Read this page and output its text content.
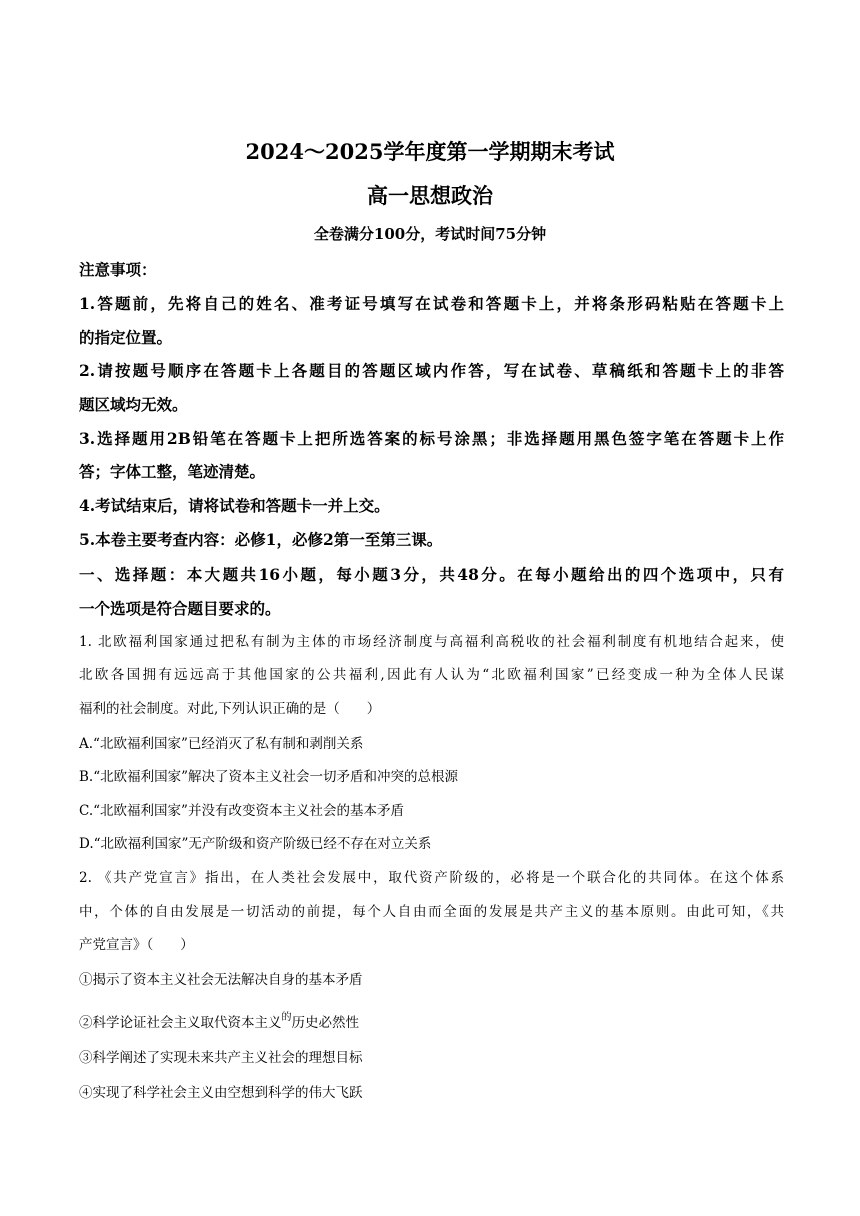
2024～2025学年度第一学期期末考试
高一思想政治
全卷满分100分，考试时间75分钟
注意事项：
1.答题前，先将自己的姓名、准考证号填写在试卷和答题卡上，并将条形码粘贴在答题卡上
的指定位置。
2.请按题号顺序在答题卡上各题目的答题区域内作答，写在试卷、草稿纸和答题卡上的非答
题区域均无效。
3.选择题用2B铅笔在答题卡上把所选答案的标号涂黑；非选择题用黑色签字笔在答题卡上作
答；字体工整，笔迹清楚。
4.考试结束后，请将试卷和答题卡一并上交。
5.本卷主要考查内容：必修1，必修2第一至第三课。
一、选择题：本大题共16小题，每小题3分，共48分。在每小题给出的四个选项中，只有
一个选项是符合题目要求的。
1. 北欧福利国家通过把私有制为主体的市场经济制度与高福利高税收的社会福利制度有机地结合起来，使
北欧各国拥有远远高于其他国家的公共福利,因此有人认为“北欧福利国家”已经变成一种为全体人民谋
福利的社会制度。对此,下列认识正确的是（　　）
A.“北欧福利国家”已经消灭了私有制和剥削关系
B.“北欧福利国家”解决了资本主义社会一切矛盾和冲突的总根源
C.“北欧福利国家”并没有改变资本主义社会的基本矛盾
D.“北欧福利国家”无产阶级和资产阶级已经不存在对立关系
2. 《共产党宣言》指出，在人类社会发展中，取代资产阶级的，必将是一个联合化的共同体。在这个体系
中，个体的自由发展是一切活动的前提，每个人自由而全面的发展是共产主义的基本原则。由此可知，《共
产党宣言》（　　）
①揭示了资本主义社会无法解决自身的基本矛盾
②科学论证社会主义取代资本主义$^的$历史必然性
③科学阐述了实现未来共产主义社会的理想目标
④实现了科学社会主义由空想到科学的伟大飞跃
